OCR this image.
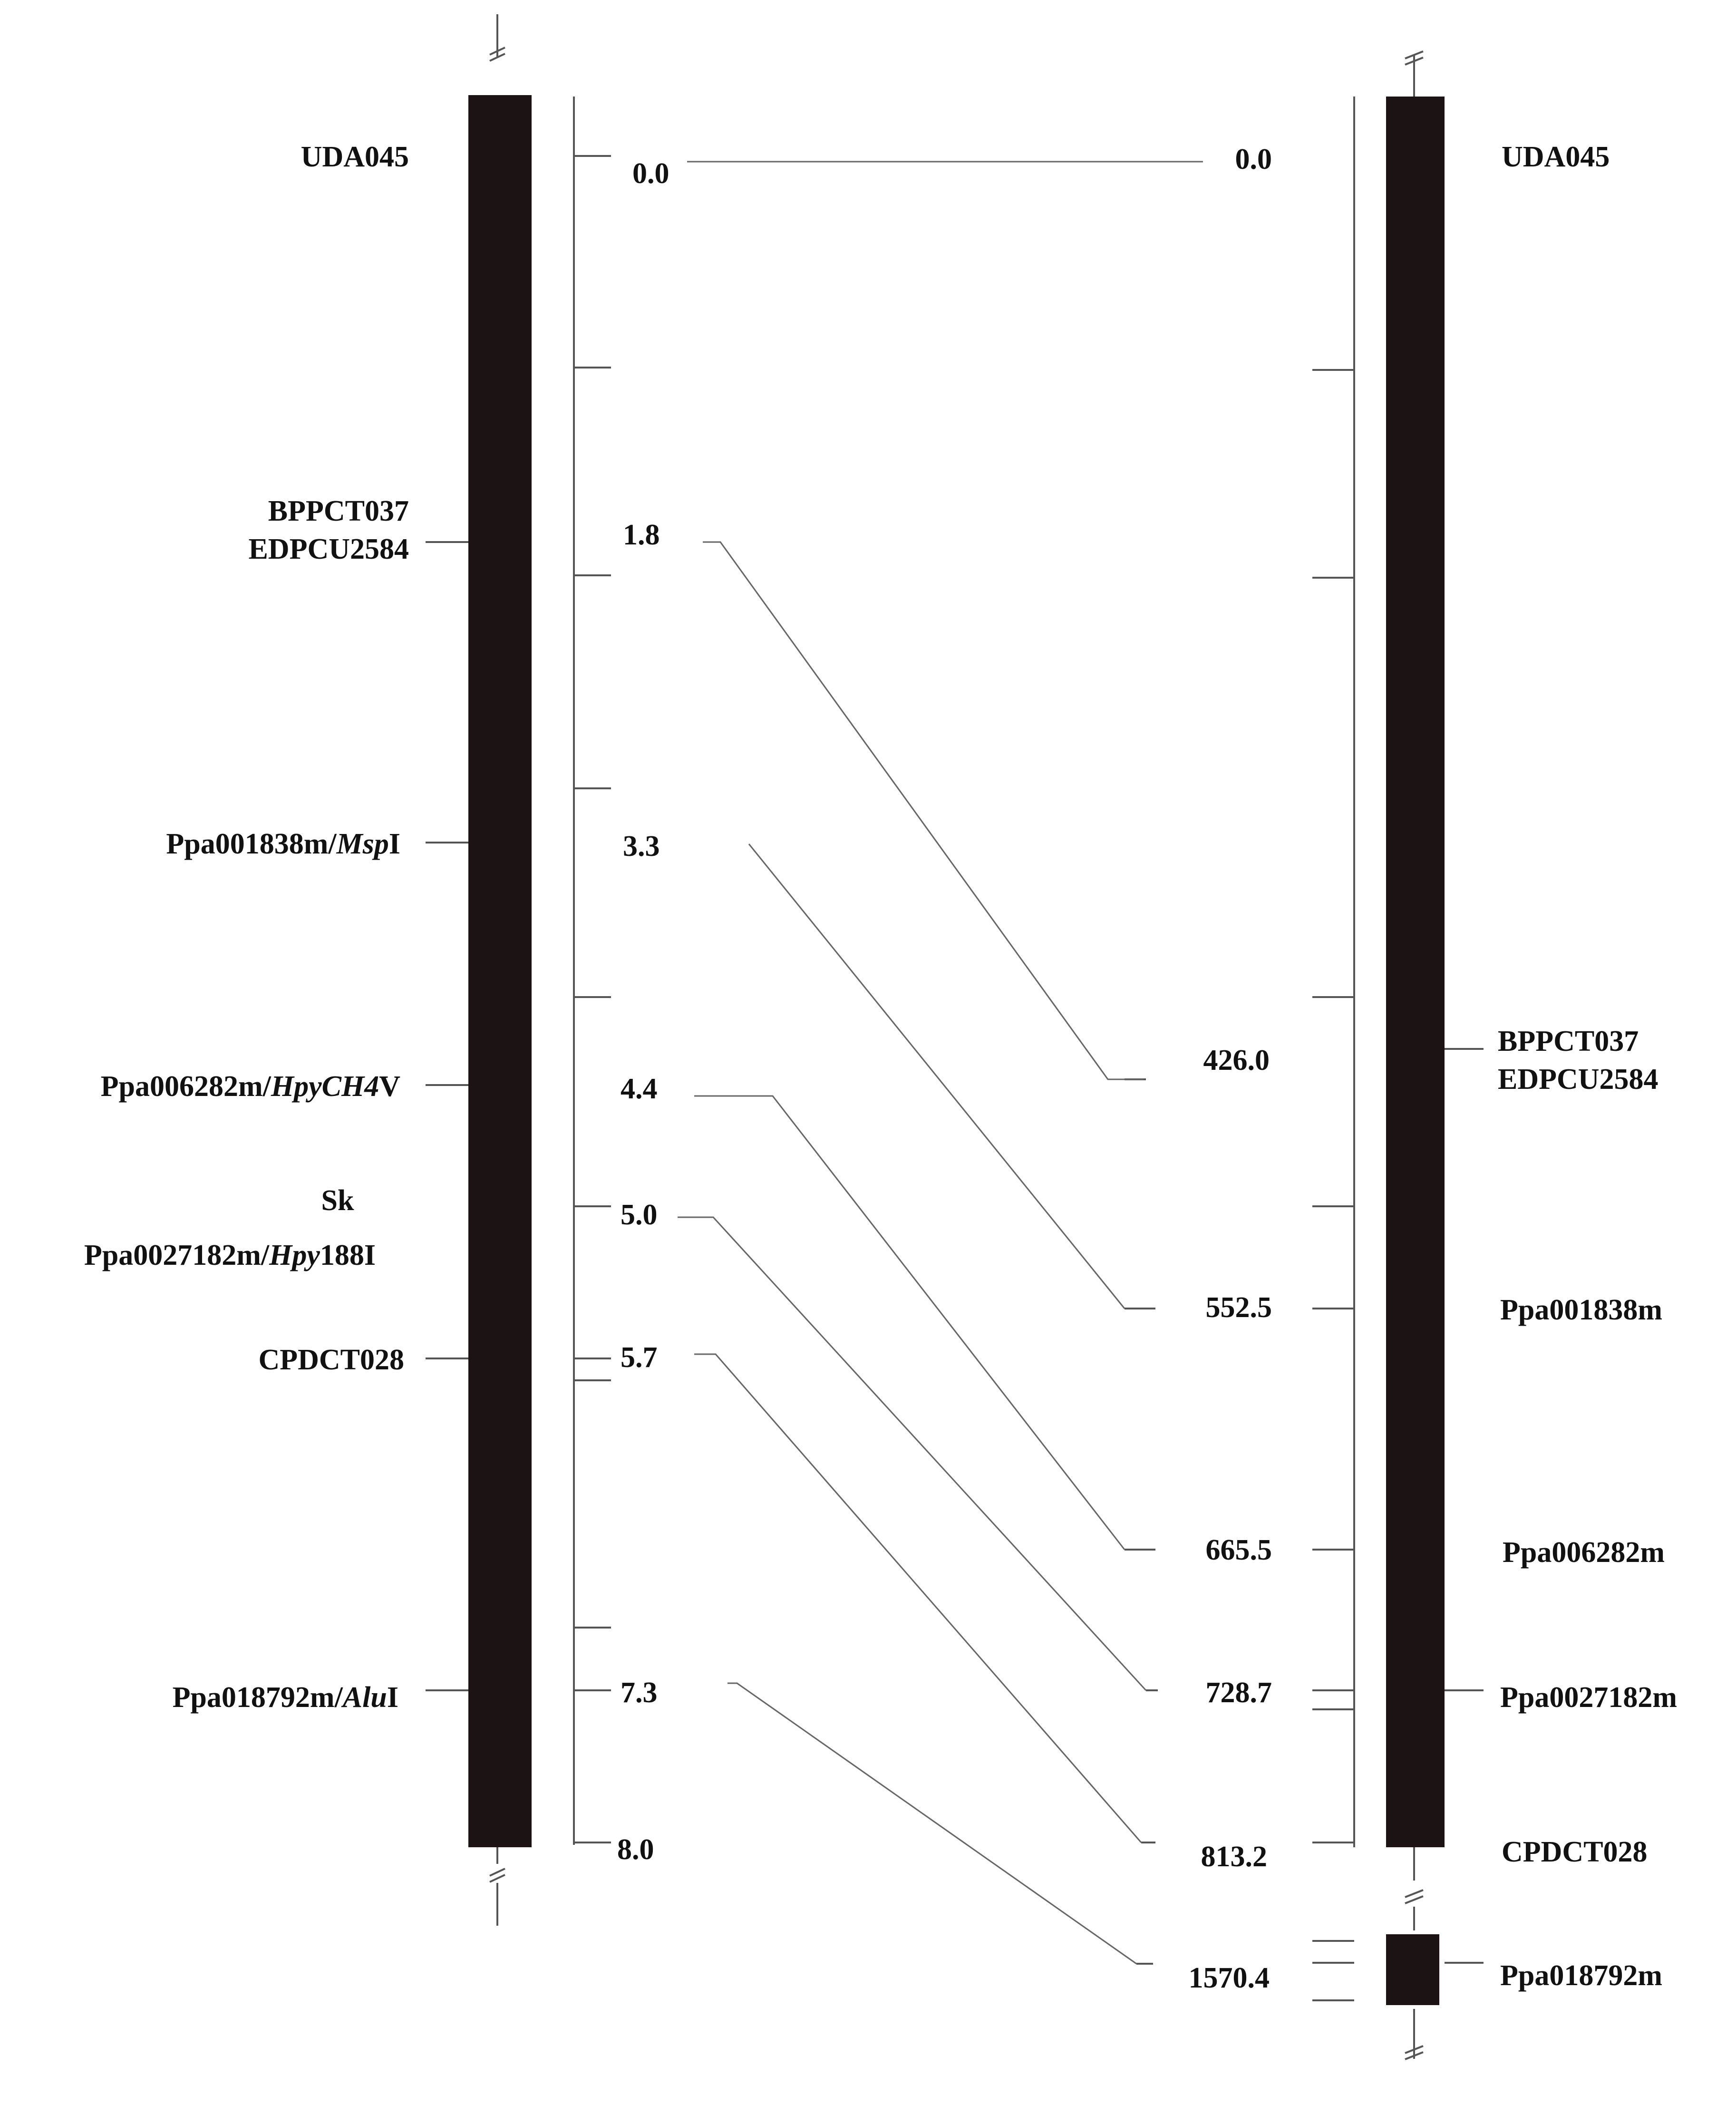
UDA045
BPPCT037
EDPCU2584
Ppa001838m/MspI
Ppa006282m/HpyCH4V
Sk
Ppa0027182m/Hpy188I
CPDCT028
Ppa018792m/AluI
0.0
1.8
3.3
4.4
5.0
5.7
7.3
8.0
0.0
426.0
552.5
665.5
728.7
813.2
1570.4
UDA045
BPPCT037
EDPCU2584
Ppa001838m
Ppa006282m
Ppa0027182m
CPDCT028
Ppa018792m
